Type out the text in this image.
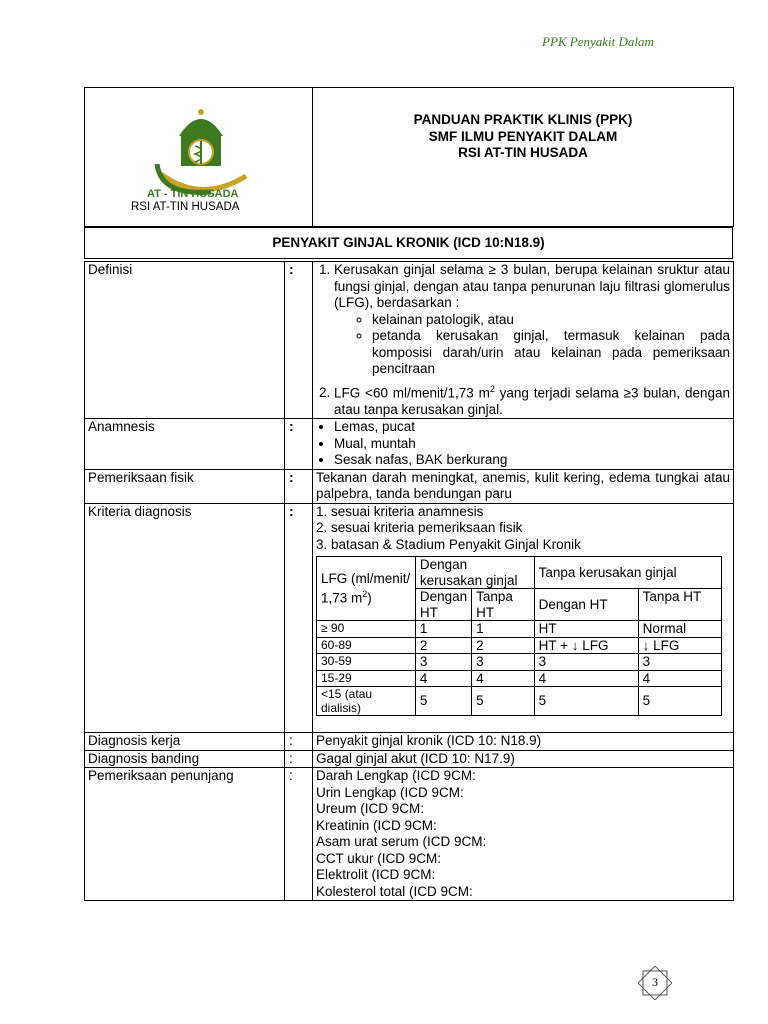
PPK Penyakit Dalam
AT - TIN HUSADA
RSI AT-TIN HUSADA

PANDUAN PRAKTIK KLINIS (PPK)
SMF ILMU PENYAKIT DALAM
RSI AT-TIN HUSADA
PENYAKIT GINJAL KRONIK (ICD 10:N18.9)
Definisi	:	
1.Kerusakan ginjal selama ≥ 3 bulan, berupa kelainan sruktur atau fungsi ginjal, dengan atau tanpa penurunan laju filtrasi glomerulus (LFG), berdasarkan :
◦ kelainan patologik, atau
◦ petanda kerusakan ginjal, termasuk kelainan pada komposisi darah/urin atau kelainan pada pemeriksaan pencitraan
2. LFG <60 ml/menit/1,73 $m^2$ yang terjadi selama ≥3 bulan, dengan atau tanpa kerusakan ginjal.

Anamnesis	:	
•Lemas, pucat
• Mual, muntah
• Sesak nafas, BAK berkurang

Pemeriksaan fisik	:	Tekanan darah meningkat, anemis, kulit kering, edema tungkai atau palpebra, tanda bendungan paru
Kriteria diagnosis	:	1. sesuai kriteria anamnesis
2. sesuai kriteria pemeriksaan fisik
3. batasan & Stadium Penyakit Ginjal Kronik
LFG (ml/menit/ 1,73 $m^2$)	Dengan kerusakan ginjal	Tanpa kerusakan ginjal
Dengan HT	Tanpa HT	Dengan HT	Tanpa HT
≥ 90	1	1	HT	Normal
60-89	2	2	HT + ↓ LFG	↓ LFG
30-59	3	3	3	3
15-29	4	4	4	4
<15 (atau dialisis)	5	5	5	5

Diagnosis kerja	:	Penyakit ginjal kronik (ICD 10: N18.9)
Diagnosis banding	:	Gagal ginjal akut (ICD 10: N17.9)
Pemeriksaan penunjang	:	Darah Lengkap (ICD 9CM:
Urin Lengkap (ICD 9CM:
Ureum (ICD 9CM:
Kreatinin (ICD 9CM:
Asam urat serum (ICD 9CM:
CCT ukur (ICD 9CM:
Elektrolit (ICD 9CM:
Kolesterol total (ICD 9CM:
3
